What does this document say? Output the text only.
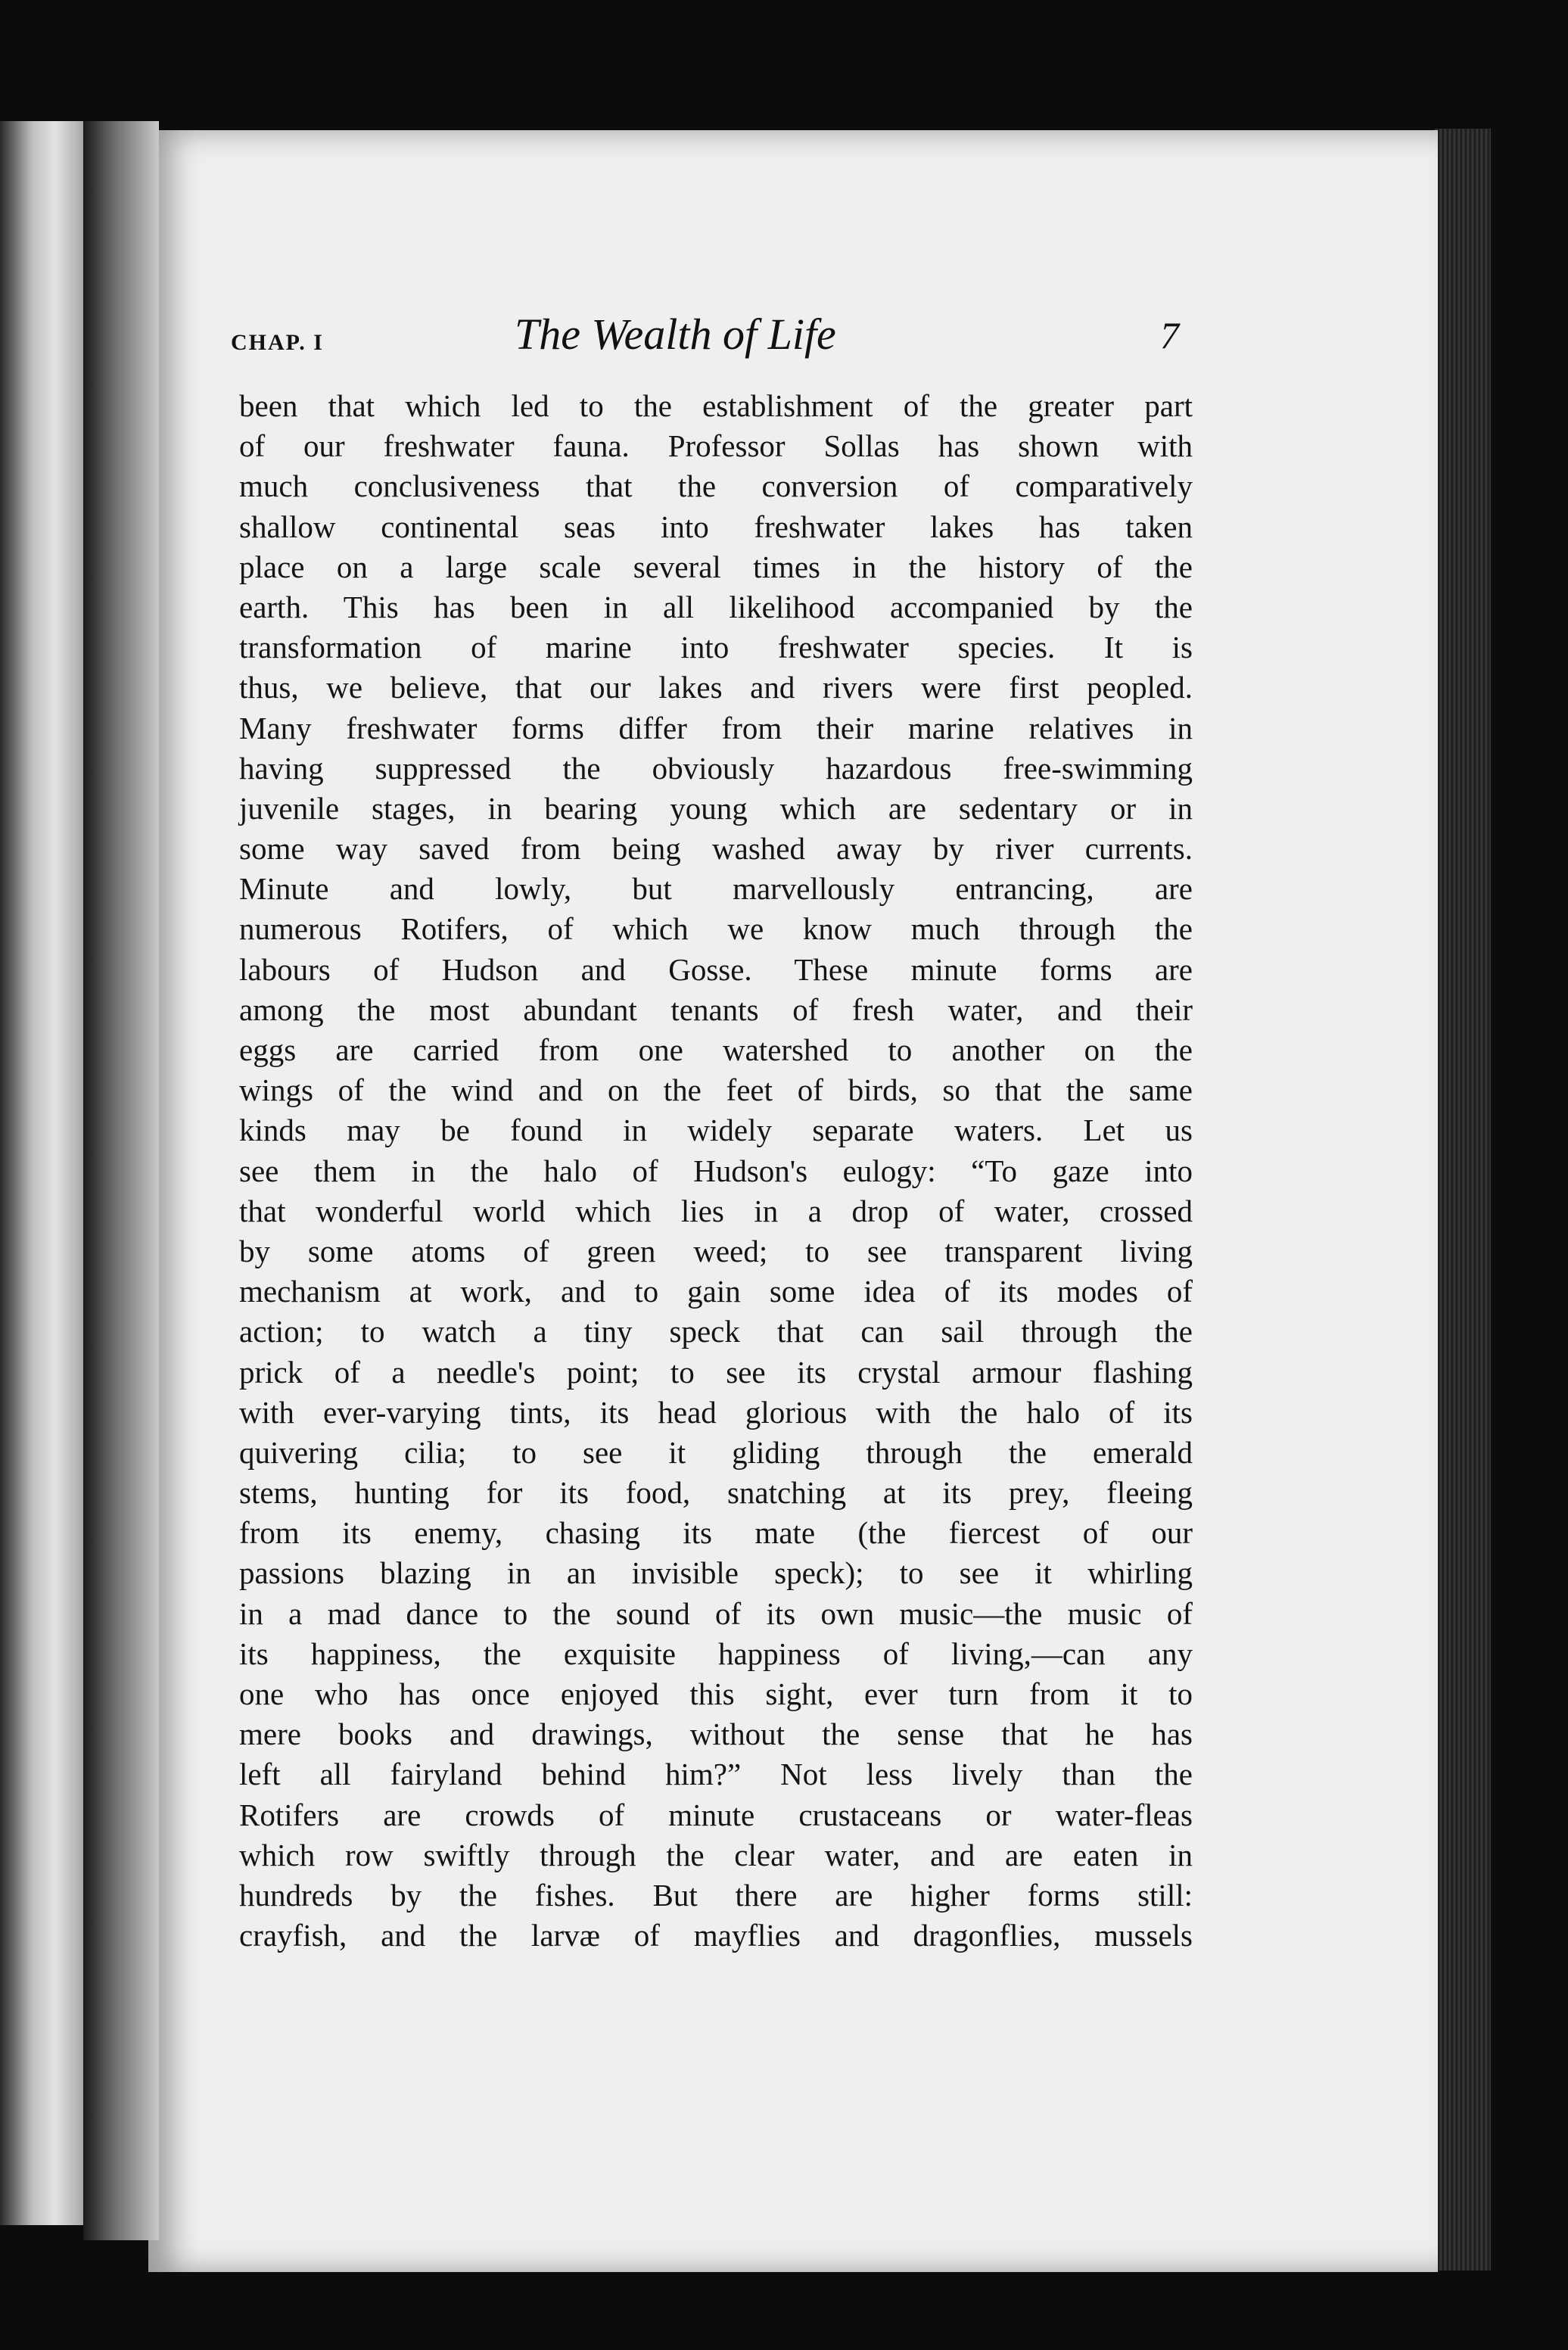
CHAP. I	The Wealth of Life	7

been that which led to the establishment of the greater part
of our freshwater fauna. Professor Sollas has shown with
much conclusiveness that the conversion of comparatively
shallow continental seas into freshwater lakes has taken
place on a large scale several times in the history of the
earth. This has been in all likelihood accompanied by the
transformation of marine into freshwater species. It is
thus, we believe, that our lakes and rivers were first peopled.
Many freshwater forms differ from their marine relatives in
having suppressed the obviously hazardous free-swimming
juvenile stages, in bearing young which are sedentary or in
some way saved from being washed away by river currents.
Minute and lowly, but marvellously entrancing, are
numerous Rotifers, of which we know much through the
labours of Hudson and Gosse. These minute forms are
among the most abundant tenants of fresh water, and their
eggs are carried from one watershed to another on the
wings of the wind and on the feet of birds, so that the same
kinds may be found in widely separate waters. Let us
see them in the halo of Hudson's eulogy: “To gaze into
that wonderful world which lies in a drop of water, crossed
by some atoms of green weed; to see transparent living
mechanism at work, and to gain some idea of its modes of
action; to watch a tiny speck that can sail through the
prick of a needle's point; to see its crystal armour flashing
with ever-varying tints, its head glorious with the halo of its
quivering cilia; to see it gliding through the emerald
stems, hunting for its food, snatching at its prey, fleeing
from its enemy, chasing its mate (the fiercest of our
passions blazing in an invisible speck); to see it whirling
in a mad dance to the sound of its own music—the music of
its happiness, the exquisite happiness of living,—can any
one who has once enjoyed this sight, ever turn from it to
mere books and drawings, without the sense that he has
left all fairyland behind him?” Not less lively than the
Rotifers are crowds of minute crustaceans or water-fleas
which row swiftly through the clear water, and are eaten in
hundreds by the fishes. But there are higher forms still:
crayfish, and the larvæ of mayflies and dragonflies, mussels
